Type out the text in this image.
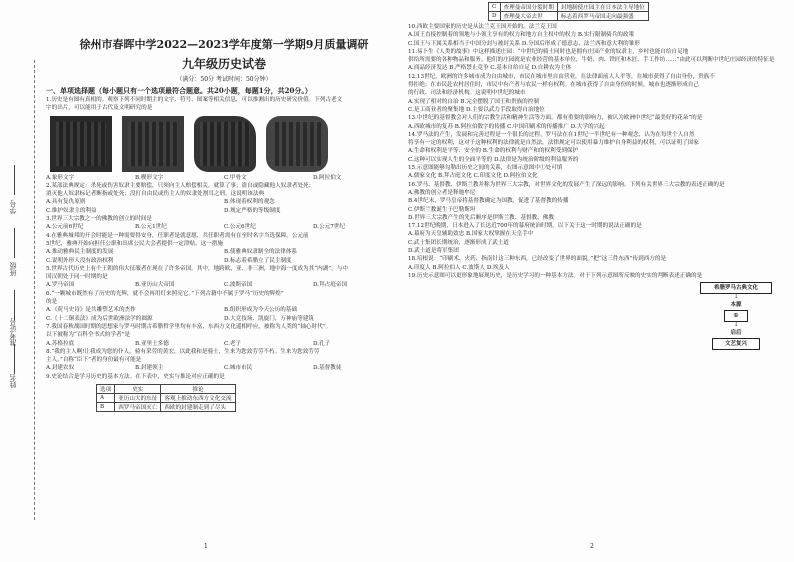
学号
班级
准考证号
姓名
徐州市春晖中学2022—2023学年度第一学期9月质量调研
九年级历史试卷
（满分：50分 考试时间：50分钟）
一、单项选择题（每小题只有一个选项最符合题意。共20小题，每题1分，共20分。）

1.历史是有图有真相的。观察下列不同时期主的文字、符号、图案等相关信息，可以推测出的历史研究价值。下列古老文

字的出片，可以能用于古代及文明研究的是

A.象形文字	B.楔形文字	C.甲骨文	D.阿拉伯文

2.某部法典规定：杀死或伤害奴隶主要赔偿，只须向主人赔偿相关，就算了事；盗自或隐藏他人奴隶者处死；

消灭他人奴隶标记者断指或处死；没打自由民或伤主人的奴隶处割耳之刑。这说明该法典

A.具有复仇原则	B.体现着权利的观念
C.维护奴隶主的利益	D.规定严格的等级制度

3.世界三大宗教之一的佛教的创立的时间是

A.公元前6世纪	B.公元1世纪	C.公元6世纪	D.公元7世纪

4.在雅典城邦的开会时能是一种需要得安身，任职者是就意愿，共任职者需有在至时名字当选保障。公元前

5世纪，雅典开始向担任公职和出席公民大会者提供一定津贴。这一措施

A.推动雅典民主制度的发展	B.使雅典奴隶制全的法律体系
C.说明外形人没有政治权利	D.标志着希腊立了民主制度

5.世界古代历史上有个王朝的伟大征服者在现在了许多帝国。其中，地跨欧、亚、非三洲，地中海一度成为其“内湖”，与中

国汉朝处于同一时期的是

A.罗马帝国	B.亚历山大帝国	C.波斯帝国	D.拜占庭帝国

6.“一颗城市既然有了历史的光辉，就不会再用灯来照亮它。”下列古籍中不属于罗马“历史的辉煌”

的是

A.《荷马史诗》是共雕塑艺术的杰作	B.组织形成为今天公历的基础
C.《十二铜表法》成为后世欧洲法学的圆源	D.大竞技场、凯旋门，万神庙等建筑

7.我国春秋战国时期的思想家与罗马时期古希腊哲学里均有丰富，东西方文化遥相呼应，被称为人类的“轴心时代”。

以下被称为“百科全书式的学者”是

A.苏格拉底	B.亚里士多德	C.老子	D.孔子

8.“我的主人啊!让我成为您的仆人。骑有采劳的黄宏，以此我和是骑士，生来为您效劳劳不朽。生来为您效劳劳

主人。”自称“臣下”者的身份最有可能是

A.封建农奴	B.封建领主	C.城市市民	D.基督教徒

9.史论结合是学习历史的基本方法。在下表中，史实与推论对应正确的是

选项	史实	推论
A	亚历山大的东征	客观上推动东西方文化交流
B	西罗马帝国灭亡	西欧的封建制走到了尽头
1
C	查理曼帝国分裂时期	封地制使庄园主在日本法主导地位
D	查理曼大帝去世	标志着西罗马帝国走向最强盛

10.西欧主要国家的历史是从法兰克王国开始的。法兰克王国

A.国王直接控制着的领地与小领主享有的权力和地方自主权中的权力 B.实行限制骑兵的政策

C.国王与下属关系相当于中国分封与被封关系 D.分国后形成了德意志、法兰西和意大利的雏形

11.易卜生《人类的故事》中这样描述庄园：“中世纪的骑士同时也是拥有庄园产业的奴隶主，乡村也能自给自足地

供给所需要的各种物品和服务。他们的庄园就是农业经营的基本单位，牛奶、肉、铁匠和木匠、手工作坊……”由此可以判断中世纪庄园经济的特征是

A.商品经济发达 B.严格禁止竞争 C.基本自给自足 D.自耕农为主体

12.13世纪，欧洲的许多城市成为自由城市，市民在城市里自由营业，在法律面前人人平等，在城市获得了自由身份，贵族不

得拒绝；在市民赴农村居住时，市民中有产者与农民一样有权利。在城市获得了自由身份的时候，城市也逐渐形成自己

的行政、司法和经济机构。这说明中世纪的城市

A.实现了相对的自治 B.完全摆脱了国王和贵族的控制

C.是工商业者的聚集地 D.主要以武力手段取得自治地位

13.中世纪的基督教会对人们的宗教生活和精神生活等方面，都有重要的影响力，被认为欧洲中世纪“最美好的花朵”的是

A.西欧城市的复苏 B.阿拉伯数字的传播 C.中国印刷术的传播推广 D.大学的兴起

14.罗马法的产生，发展和完善过程是一个很长的过程。罗马法在在1世纪一半世纪有一种观念，认为在每世个人自然

将享有一定的权利，这对于这种权利的法律就是自然法。法律规定可以使用暴力维护自身利益的权利，可以证明了国家

A.生命和权利是平等、安全的 B.生命的权利与财产和的权利受到保护

C.这种可以实现人生的全面平等的 D.法律是为统治阶级的利益服务的

15.示意图能够勾勒出历史之间的关系，右图示意图中①处可填

A.儒家文化 B.拜占庭文化 C.印度文化 D.阿拉伯文化

16.罗马、基督教、伊斯兰教并称为世界三大宗教，对世界文化的发展产生了深远的影响。下列有关世界三大宗教的表述正确的是

A.佛教的创立者是释迦牟尼

B.4世纪末，罗马皇帝将基督教确定为国教，促进了基督教的传播

C.伊斯兰教诞生于巴勒斯坦

D.世界三大宗教产生的先后顺序是伊斯兰教、基督教、佛教

17.12世纪晚期，日本进入了长达近700年的幕府统治时期，以下关于这一时期的说法正确的是

A.幕府为天皇辅助效忠 B.国家大权掌握在天皇手中

C.武士集团长期统治，逐渐形成了武士道

D.武士道是将军集团

18.培根说：“印刷术、火药、指南针这三种东西，已经改变了世界的面貌。”把“这三件东西”传到西方的是

A.印度人 B.阿拉伯人 C.波斯人 D.埃及人

19.历史示意图可以更形象地展现历史，是历史学习的一种基本方法。对于下列示意图所反映的史实的判断表述正确的是

希腊罗马古典文化
↓
本源
①
↓
启后
文艺复兴
2
